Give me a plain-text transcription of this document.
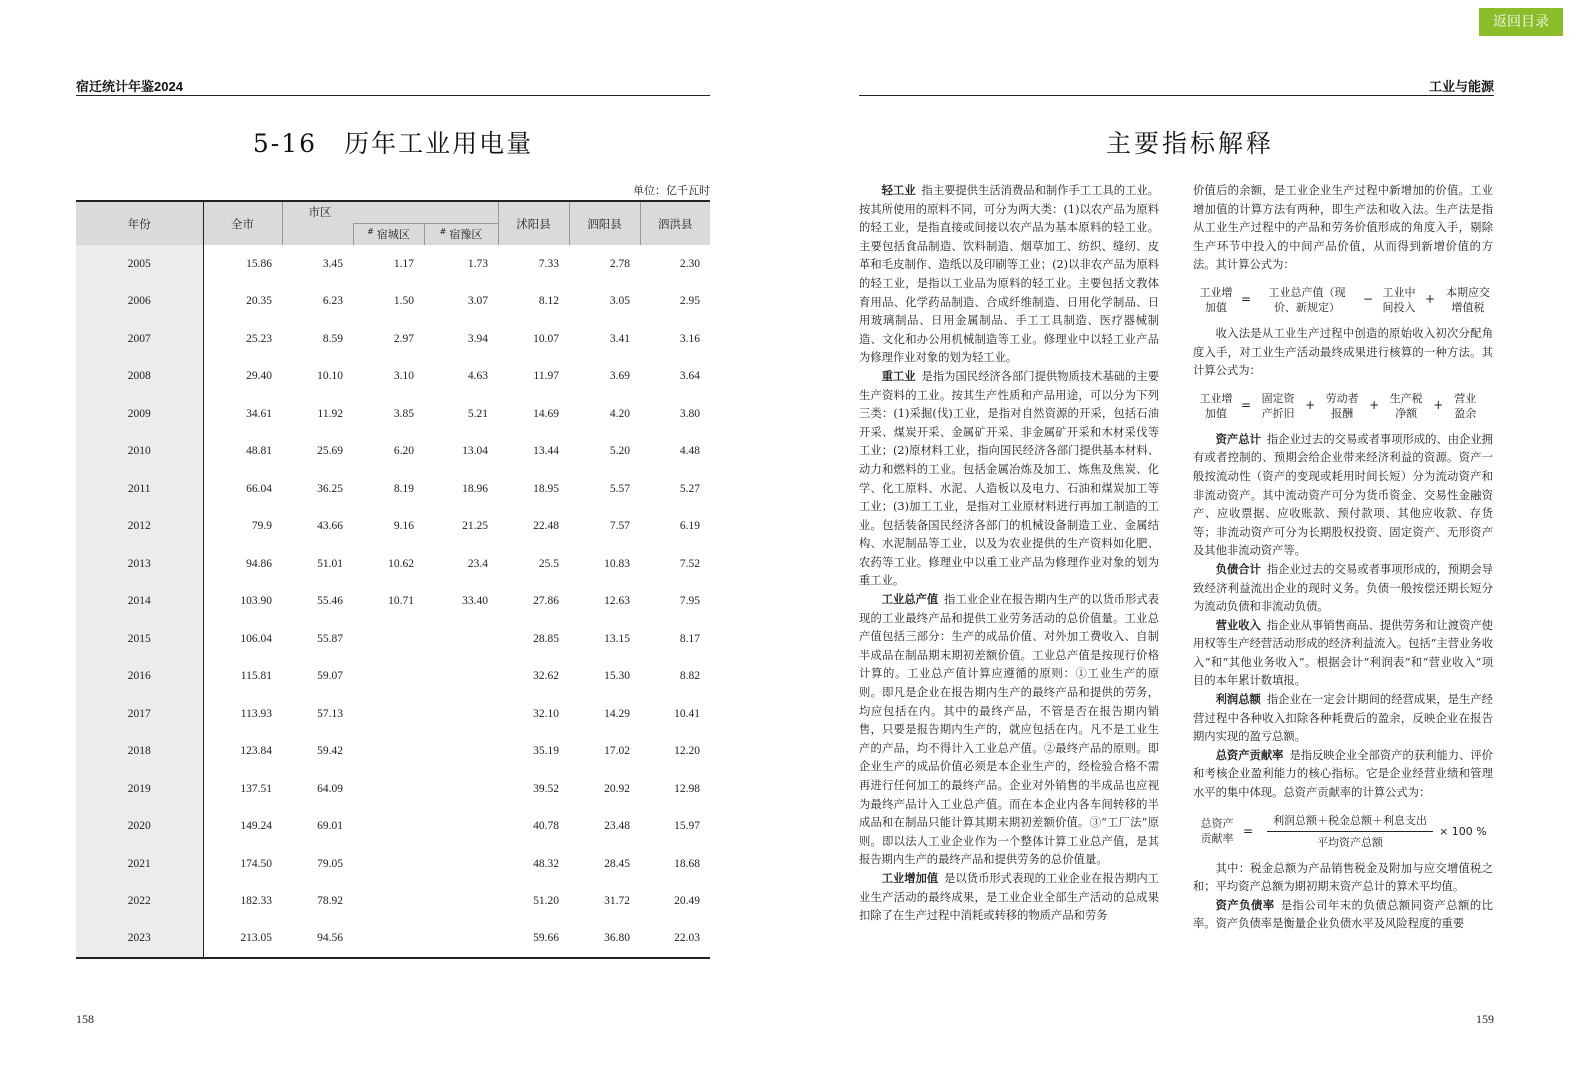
宿迁统计年鉴2024
5-16　历年工业用电量
单位：亿千瓦时
年份	全市	市区			沭阳县	泗阳县	泗洪县
			# 宿城区	# 宿豫区			
2005	15.86	3.45	1.17	1.73	7.33	2.78	2.30
2006	20.35	6.23	1.50	3.07	8.12	3.05	2.95
2007	25.23	8.59	2.97	3.94	10.07	3.41	3.16
2008	29.40	10.10	3.10	4.63	11.97	3.69	3.64
2009	34.61	11.92	3.85	5.21	14.69	4.20	3.80
2010	48.81	25.69	6.20	13.04	13.44	5.20	4.48
2011	66.04	36.25	8.19	18.96	18.95	5.57	5.27
2012	79.9	43.66	9.16	21.25	22.48	7.57	6.19
2013	94.86	51.01	10.62	23.4	25.5	10.83	7.52
2014	103.90	55.46	10.71	33.40	27.86	12.63	7.95
2015	106.04	55.87			28.85	13.15	8.17
2016	115.81	59.07			32.62	15.30	8.82
2017	113.93	57.13			32.10	14.29	10.41
2018	123.84	59.42			35.19	17.02	12.20
2019	137.51	64.09			39.52	20.92	12.98
2020	149.24	69.01			40.78	23.48	15.97
2021	174.50	79.05			48.32	28.45	18.68
2022	182.33	78.92			51.20	31.72	20.49
2023	213.05	94.56			59.66	36.80	22.03
158
返回目录
工业与能源
主要指标解释

轻工业 指主要提供生活消费品和制作手工工具的工业。按其所使用的原料不同，可分为两大类：(1)以农产品为原料的轻工业，是指直接或间接以农产品为基本原料的轻工业。主要包括食品制造、饮料制造、烟草加工、纺织、缝纫、皮革和毛皮制作、造纸以及印刷等工业；(2)以非农产品为原料的轻工业，是指以工业品为原料的轻工业。主要包括文教体育用品、化学药品制造、合成纤维制造、日用化学制品、日用玻璃制品、日用金属制品、手工工具制造、医疗器械制造、文化和办公用机械制造等工业。修理业中以轻工业产品为修理作业对象的划为轻工业。

重工业 是指为国民经济各部门提供物质技术基础的主要生产资料的工业。按其生产性质和产品用途，可以分为下列三类：(1)采掘(伐)工业，是指对自然资源的开采，包括石油开采、煤炭开采、金属矿开采、非金属矿开采和木材采伐等工业；(2)原材料工业，指向国民经济各部门提供基本材料、动力和燃料的工业。包括金属冶炼及加工、炼焦及焦炭、化学、化工原料、水泥、人造板以及电力、石油和煤炭加工等工业；(3)加工工业，是指对工业原材料进行再加工制造的工业。包括装备国民经济各部门的机械设备制造工业、金属结构、水泥制品等工业，以及为农业提供的生产资料如化肥、农药等工业。修理业中以重工业产品为修理作业对象的划为重工业。

工业总产值 指工业企业在报告期内生产的以货币形式表现的工业最终产品和提供工业劳务活动的总价值量。工业总产值包括三部分：生产的成品价值、对外加工费收入、自制半成品在制品期末期初差额价值。工业总产值是按现行价格计算的。工业总产值计算应遵循的原则：①工业生产的原则。即凡是企业在报告期内生产的最终产品和提供的劳务，均应包括在内。其中的最终产品，不管是否在报告期内销售，只要是报告期内生产的，就应包括在内。凡不是工业生产的产品，均不得计入工业总产值。②最终产品的原则。即企业生产的成品价值必须是本企业生产的，经检验合格不需再进行任何加工的最终产品。企业对外销售的半成品也应视为最终产品计入工业总产值。而在本企业内各车间转移的半成品和在制品只能计算其期末期初差额价值。③“工厂法”原则。即以法人工业企业作为一个整体计算工业总产值，是其报告期内生产的最终产品和提供劳务的总价值量。

工业增加值 是以货币形式表现的工业企业在报告期内工业生产活动的最终成果，是工业企业全部生产活动的总成果扣除了在生产过程中消耗或转移的物质产品和劳务

价值后的余额，是工业企业生产过程中新增加的价值。工业增加值的计算方法有两种，即生产法和收入法。生产法是指从工业生产过程中的产品和劳务价值形成的角度入手，剔除生产环节中投入的中间产品价值，从而得到新增价值的方法。其计算公式为：

工业增加值
=	工业总产值（现价、新规定）
− 工业中间投入
+ 本期应交增值税

收入法是从工业生产过程中创造的原始收入初次分配角度入手，对工业生产活动最终成果进行核算的一种方法。其计算公式为：

工业增加值
= 固定资产折旧
+ 劳动者报酬
+ 生产税净额
+ 营业盈余

资产总计 指企业过去的交易或者事项形成的、由企业拥有或者控制的、预期会给企业带来经济利益的资源。资产一般按流动性（资产的变现或耗用时间长短）分为流动资产和非流动资产。其中流动资产可分为货币资金、交易性金融资产、应收票据、应收账款、预付款项、其他应收款、存货等；非流动资产可分为长期股权投资、固定资产、无形资产及其他非流动资产等。

负债合计 指企业过去的交易或者事项形成的，预期会导致经济利益流出企业的现时义务。负债一般按偿还期长短分为流动负债和非流动负债。

营业收入 指企业从事销售商品、提供劳务和让渡资产使用权等生产经营活动形成的经济利益流入。包括“主营业务收入”和“其他业务收入”。根据会计“利润表”和“营业收入“项目的本年累计数填报。

利润总额 指企业在一定会计期间的经营成果，是生产经营过程中各种收入扣除各种耗费后的盈余，反映企业在报告期内实现的盈亏总额。

总资产贡献率 是指反映企业全部资产的获利能力、评价和考核企业盈利能力的核心指标。它是企业经营业绩和管理水平的集中体现。总资产贡献率的计算公式为：

总资产贡献率
= $\frac{\text{利润总额＋税金总额＋利息支出}}{\text{平均资产总额}} \times 100$ %

其中：税金总额为产品销售税金及附加与应交增值税之和；平均资产总额为期初期末资产总计的算术平均值。

资产负债率 是指公司年末的负债总额同资产总额的比率。资产负债率是衡量企业负债水平及风险程度的重要

159
